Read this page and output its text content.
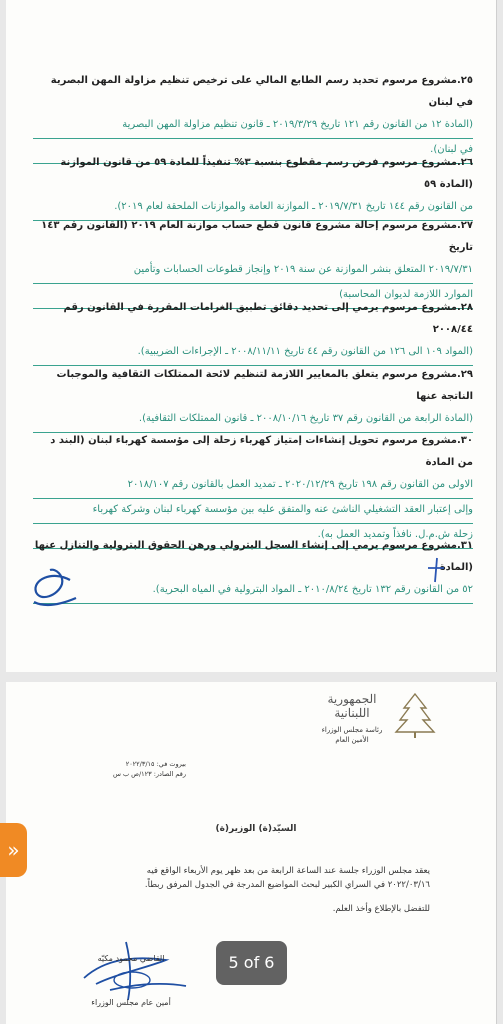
٢٥.مشروع مرسوم تحديد رسم الطابع المالي على ترخيص تنظيم مزاولة المهن البصرية في لبنان
(المادة ١٢ من القانون رقم ١٢١ تاريخ ٢٠١٩/٣/٢٩ ـ قانون تنظيم مزاولة المهن البصرية
في لبنان).
٢٦.مشروع مرسوم فرض رسم مقطوع بنسبة ٣% تنفيذاً للمادة ٥٩ من قانون الموازنة (المادة ٥٩
من القانون رقم ١٤٤ تاريخ ٢٠١٩/٧/٣١ ـ الموازنة العامة والموازنات الملحقة لعام ٢٠١٩).
٢٧.مشروع مرسوم إحالة مشروع قانون قطع حساب موازنة العام ٢٠١٩ (القانون رقم ١٤٣ تاريخ
٢٠١٩/٧/٣١ المتعلق بنشر الموازنة عن سنة ٢٠١٩ وإنجاز قطوعات الحسابات وتأمين
الموارد اللازمة لديوان المحاسبة)
٢٨.مشروع مرسوم يرمي إلى تحديد دقائق تطبيق الغرامات المقررة في القانون رقم ٢٠٠٨/٤٤
(المواد ١٠٩ الى ١٢٦ من القانون رقم ٤٤ تاريخ ٢٠٠٨/١١/١١ ـ الإجراءات الضريبية).
٢٩.مشروع مرسوم يتعلق بالمعايير اللازمة لتنظيم لائحة الممتلكات الثقافية والموجبات الناتجة عنها
(المادة الرابعة من القانون رقم ٣٧ تاريخ ٢٠٠٨/١٠/١٦ ـ قانون الممتلكات الثقافية).
٣٠.مشروع مرسوم تحويل إنشاءات إمتياز كهرباء زحلة إلى مؤسسة كهرباء لبنان (البند د من المادة
الاولى من القانون رقم ١٩٨ تاريخ ٢٠٢٠/١٢/٢٩ ـ تمديد العمل بالقانون رقم ٢٠١٨/١٠٧
وإلى إعتبار العقد التشغيلي الناشئ عنه والمتفق عليه بين مؤسسة كهرباء لبنان وشركة كهرباء
زحلة ش.م.ل. نافذاً وتمديد العمل به).
٣١.مشروع مرسوم يرمي إلى إنشاء السجل البترولي ورهن الحقوق البترولية والتنازل عنها (المادة
٥٢ من القانون رقم ١٣٢ تاريخ ٢٠١٠/٨/٢٤ ـ المواد البترولية في المياه البحرية).
الجمهورية اللبنانية
رئاسة مجلس الوزراء
الأمين العام
بيروت في: ٢٠٢٢/٣/١٥
رقم الصادر: ١٢٣/ص ب س
السيّد(ة) الوزير(ة)
يعقد مجلس الوزراء جلسة عند الساعة الرابعة من بعد ظهر يوم الأربعاء الواقع فيه
٢٠٢٢/٠٣/١٦ في السراي الكبير لبحث المواضيع المدرجة في الجدول المرفق ربطاً.
للتفضل بالإطلاع وأخذ العلم.
القاضي محمود مكيّه
أمين عام مجلس الوزراء
»
5 of 6
